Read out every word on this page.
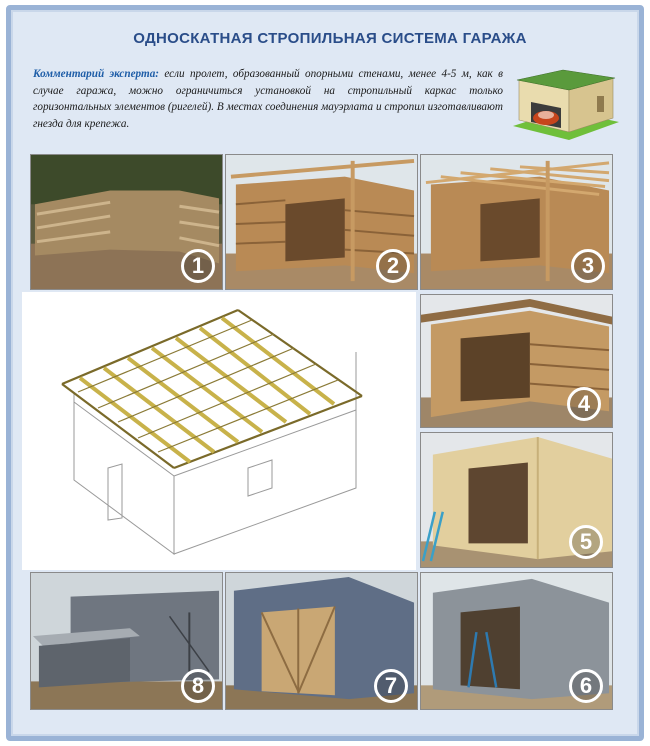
ОДНОСКАТНАЯ СТРОПИЛЬНАЯ СИСТЕМА ГАРАЖА
Комментарий эксперта: если пролет, образованный опорными стенами, менее 4-5 м, как в случае гаража, можно ограничиться установкой на стропильный каркас только горизонтальных элементов (ригелей). В местах соединения мауэрлата и стропил изготавливают гнезда для крепежа.
1	2	3
4
5
8	7	6
